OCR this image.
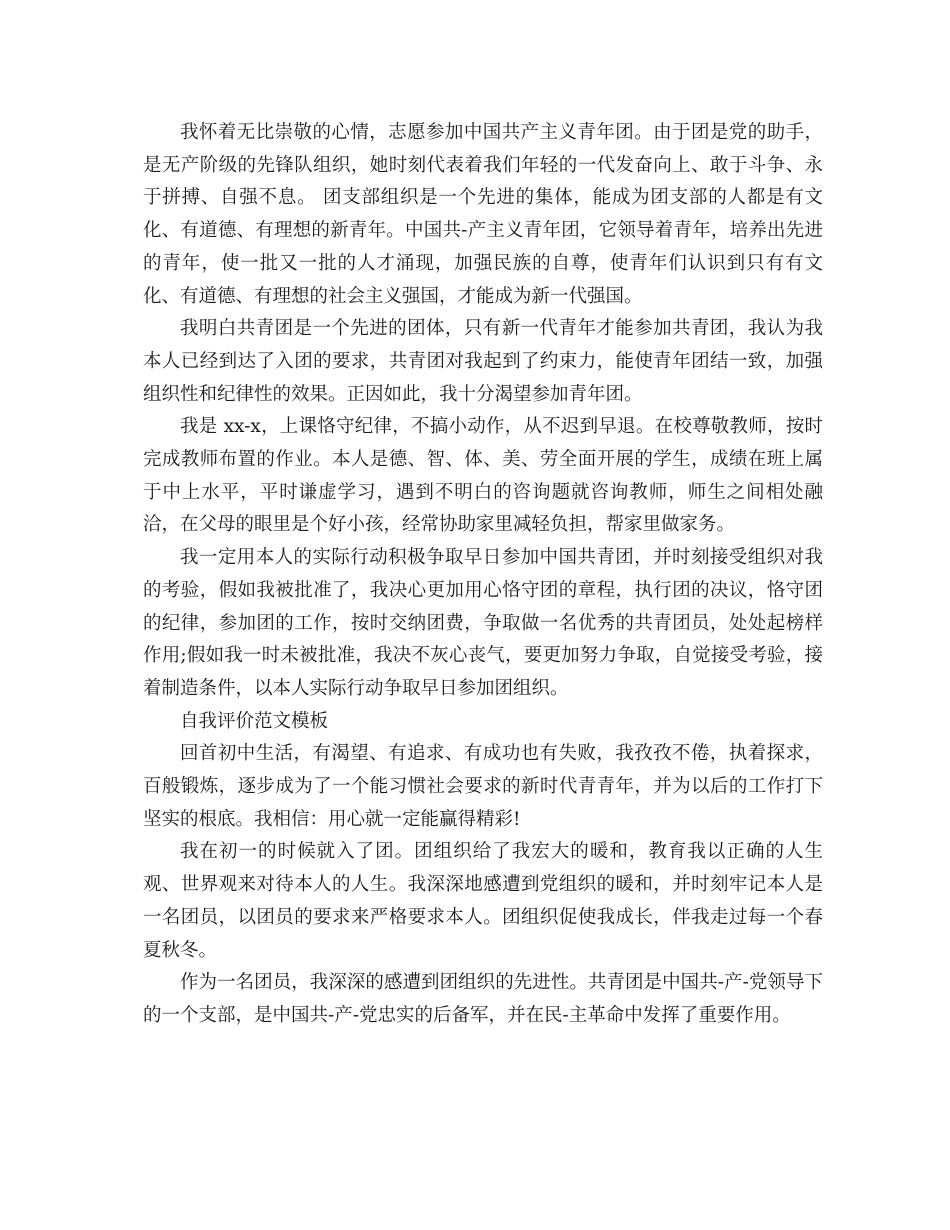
我怀着无比崇敬的心情，志愿参加中国共产主义青年团。由于团是党的助手，是无产阶级的先锋队组织，她时刻代表着我们年轻的一代发奋向上、敢于斗争、永于拼搏、自强不息。 团支部组织是一个先进的集体，能成为团支部的人都是有文化、有道德、有理想的新青年。中国共-产主义青年团，它领导着青年，培养出先进的青年，使一批又一批的人才涌现，加强民族的自尊，使青年们认识到只有有文化、有道德、有理想的社会主义强国，才能成为新一代强国。

我明白共青团是一个先进的团体，只有新一代青年才能参加共青团，我认为我本人已经到达了入团的要求，共青团对我起到了约束力，能使青年团结一致，加强组织性和纪律性的效果。正因如此，我十分渴望参加青年团。

我是 xx-x，上课恪守纪律，不搞小动作，从不迟到早退。在校尊敬教师，按时完成教师布置的作业。本人是德、智、体、美、劳全面开展的学生，成绩在班上属于中上水平，平时谦虚学习，遇到不明白的咨询题就咨询教师，师生之间相处融洽，在父母的眼里是个好小孩，经常协助家里减轻负担，帮家里做家务。

我一定用本人的实际行动积极争取早日参加中国共青团，并时刻接受组织对我的考验，假如我被批准了，我决心更加用心恪守团的章程，执行团的决议，恪守团的纪律，参加团的工作，按时交纳团费，争取做一名优秀的共青团员，处处起榜样作用;假如我一时未被批准，我决不灰心丧气，要更加努力争取，自觉接受考验，接着制造条件，以本人实际行动争取早日参加团组织。

自我评价范文模板

回首初中生活，有渴望、有追求、有成功也有失败，我孜孜不倦，执着探求，百般锻炼，逐步成为了一个能习惯社会要求的新时代青青年，并为以后的工作打下坚实的根底。我相信：用心就一定能赢得精彩!

我在初一的时候就入了团。团组织给了我宏大的暖和，教育我以正确的人生观、世界观来对待本人的人生。我深深地感遭到党组织的暖和，并时刻牢记本人是一名团员，以团员的要求来严格要求本人。团组织促使我成长，伴我走过每一个春夏秋冬。

作为一名团员，我深深的感遭到团组织的先进性。共青团是中国共-产-党领导下的一个支部，是中国共-产-党忠实的后备军，并在民-主革命中发挥了重要作用。
